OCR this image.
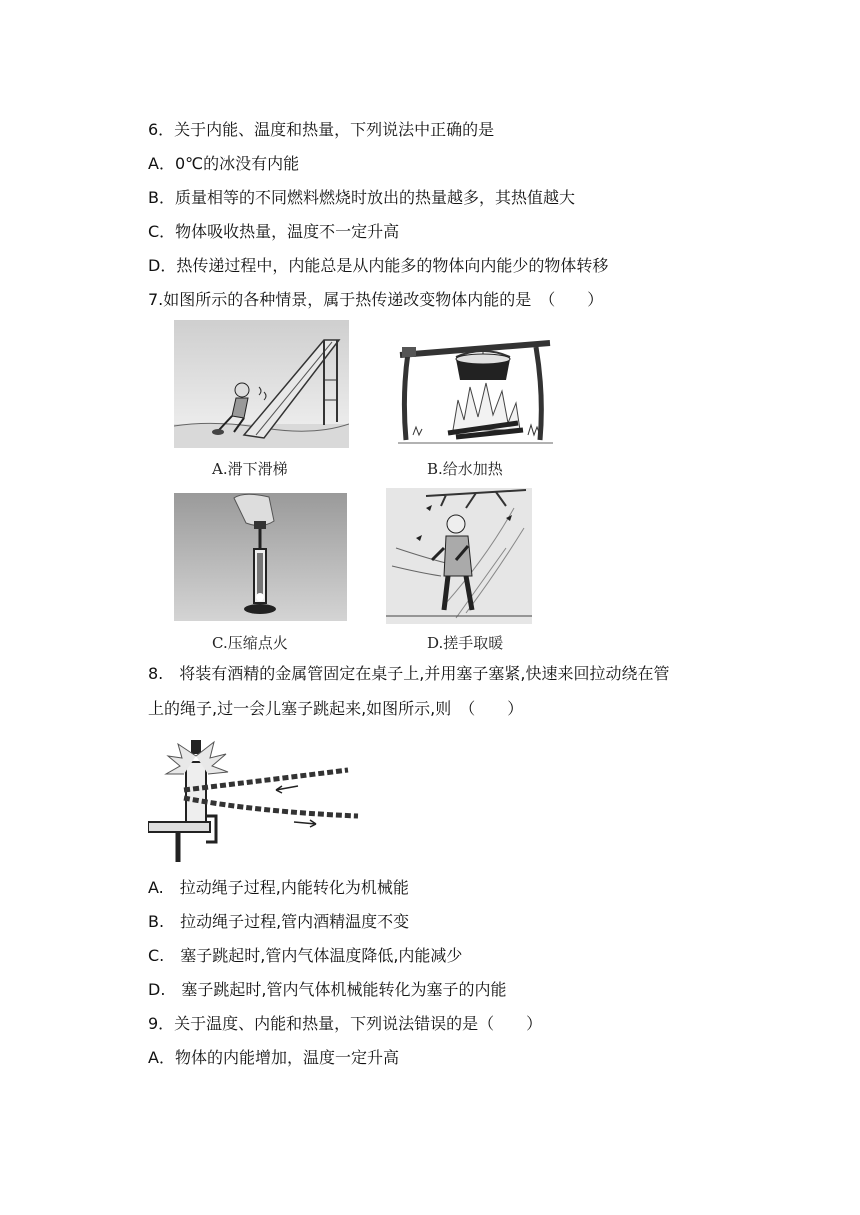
6．关于内能、温度和热量，下列说法中正确的是
A．0℃的冰没有内能
B．质量相等的不同燃料燃烧时放出的热量越多，其热值越大
C．物体吸收热量，温度不一定升高
D．热传递过程中，内能总是从内能多的物体向内能少的物体转移
7.如图所示的各种情景，属于热传递改变物体内能的是　（　　）
A.滑下滑梯	B.给水加热
C.压缩点火	D.搓手取暖
8.　将装有酒精的金属管固定在桌子上,并用塞子塞紧,快速来回拉动绕在管
上的绳子,过一会儿塞子跳起来,如图所示,则　（　　）
A.　拉动绳子过程,内能转化为机械能
B.　拉动绳子过程,管内酒精温度不变
C.　塞子跳起时,管内气体温度降低,内能减少
D.　塞子跳起时,管内气体机械能转化为塞子的内能
9．关于温度、内能和热量，下列说法错误的是（　　）
A．物体的内能增加，温度一定升高
